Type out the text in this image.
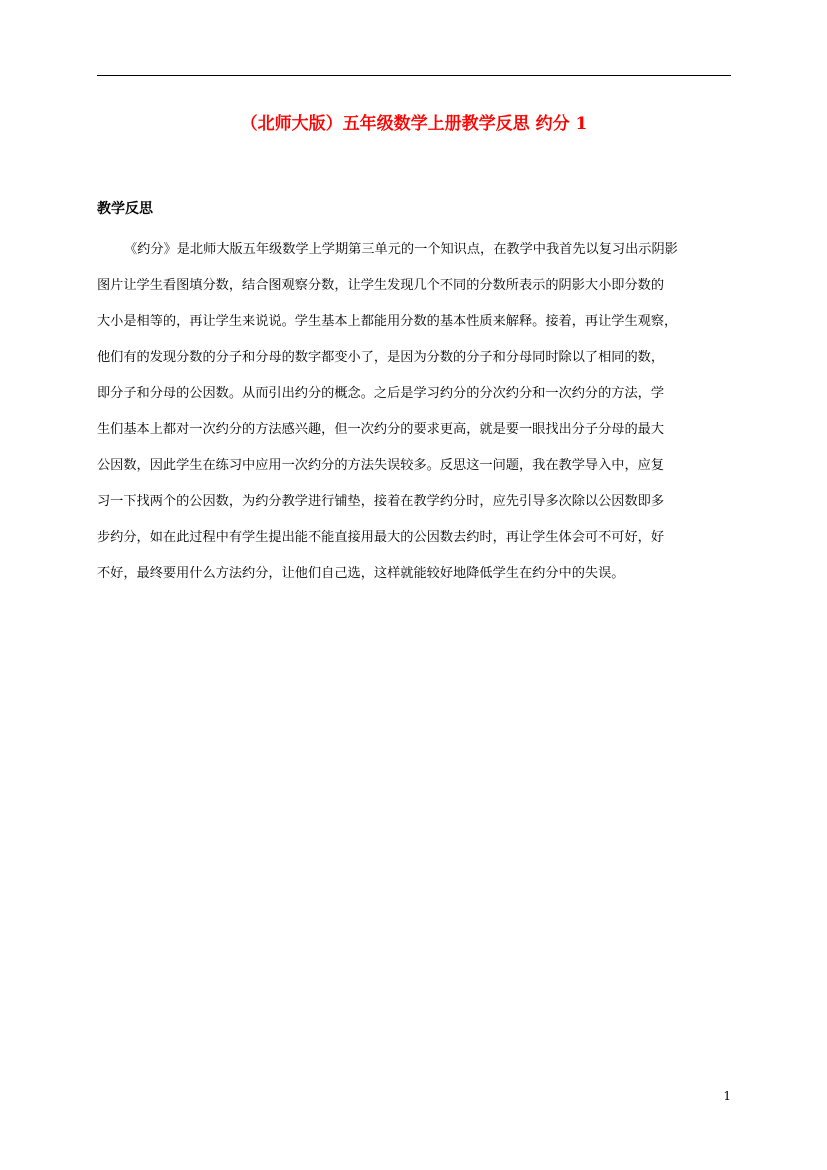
（北师大版）五年级数学上册教学反思 约分 1
教学反思
《约分》是北师大版五年级数学上学期第三单元的一个知识点，在教学中我首先以复习出示阴影
图片让学生看图填分数，结合图观察分数，让学生发现几个不同的分数所表示的阴影大小即分数的
大小是相等的，再让学生来说说。学生基本上都能用分数的基本性质来解释。接着，再让学生观察，
他们有的发现分数的分子和分母的数字都变小了，是因为分数的分子和分母同时除以了相同的数，
即分子和分母的公因数。从而引出约分的概念。之后是学习约分的分次约分和一次约分的方法，学
生们基本上都对一次约分的方法感兴趣，但一次约分的要求更高，就是要一眼找出分子分母的最大
公因数，因此学生在练习中应用一次约分的方法失误较多。反思这一问题，我在教学导入中，应复
习一下找两个的公因数，为约分教学进行铺垫，接着在教学约分时，应先引导多次除以公因数即多
步约分，如在此过程中有学生提出能不能直接用最大的公因数去约时，再让学生体会可不可好，好
不好，最终要用什么方法约分，让他们自己选，这样就能较好地降低学生在约分中的失误。
1
